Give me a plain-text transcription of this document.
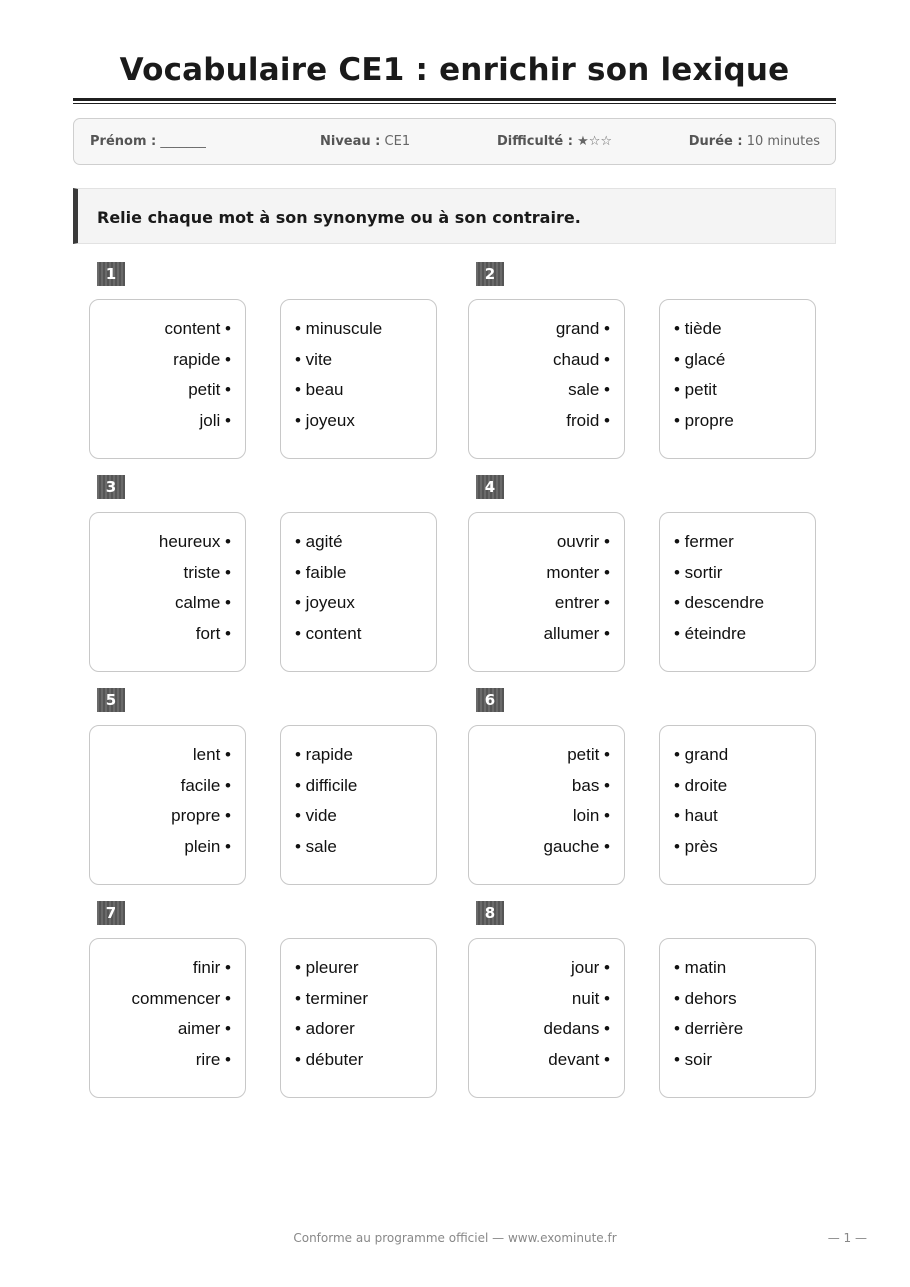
Vocabulaire CE1 : enrichir son lexique
Prénom : _______	Niveau : CE1	Difficulté : ★☆☆	Durée : 10 minutes
Relie chaque mot à son synonyme ou à son contraire.
1
content •
rapide •
petit •
joli •
• minuscule
• vite
• beau
• joyeux
2
grand •
chaud •
sale •
froid •
• tiède
• glacé
• petit
• propre
3
heureux •
triste •
calme •
fort •
• agité
• faible
• joyeux
• content
4
ouvrir •
monter •
entrer •
allumer •
• fermer
• sortir
• descendre
• éteindre
5
lent •
facile •
propre •
plein •
• rapide
• difficile
• vide
• sale
6
petit •
bas •
loin •
gauche •
• grand
• droite
• haut
• près
7
finir •
commencer •
aimer •
rire •
• pleurer
• terminer
• adorer
• débuter
8
jour •
nuit •
dedans •
devant •
• matin
• dehors
• derrière
• soir
Conforme au programme officiel — www.exominute.fr	— 1 —
